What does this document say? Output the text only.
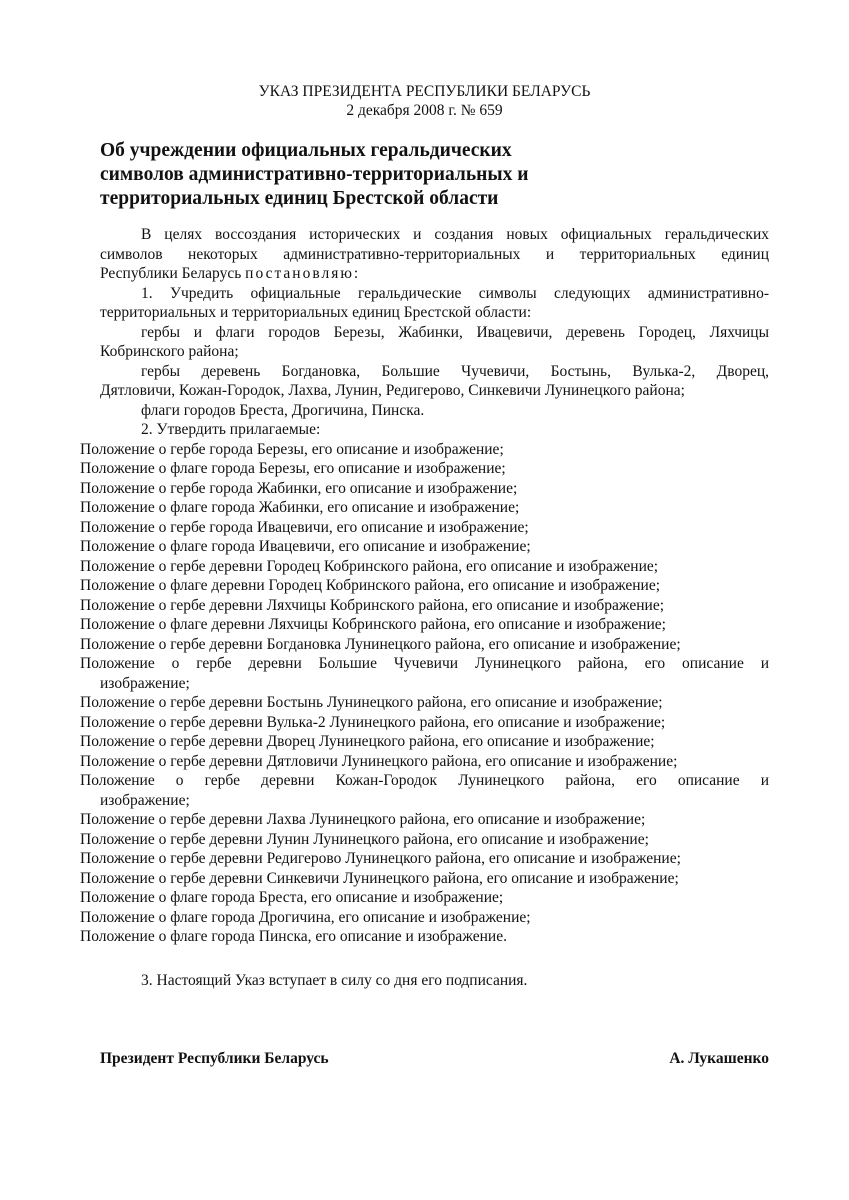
УКАЗ ПРЕЗИДЕНТА РЕСПУБЛИКИ БЕЛАРУСЬ
2 декабря 2008 г. № 659
Об учреждении официальных геральдических
символов административно-территориальных и
территориальных единиц Брестской области
В целях воссоздания исторических и создания новых официальных геральдических
символов некоторых административно-территориальных и территориальных единиц
Республики Беларусь постановляю:
1. Учредить официальные геральдические символы следующих административно-
территориальных и территориальных единиц Брестской области:
гербы и флаги городов Березы, Жабинки, Ивацевичи, деревень Городец, Ляхчицы
Кобринского района;
гербы деревень Богдановка, Большие Чучевичи, Бостынь, Вулька-2, Дворец,
Дятловичи, Кожан-Городок, Лахва, Лунин, Редигерово, Синкевичи Лунинецкого района;
флаги городов Бреста, Дрогичина, Пинска.
2. Утвердить прилагаемые:
Положение о гербе города Березы, его описание и изображение;
Положение о флаге города Березы, его описание и изображение;
Положение о гербе города Жабинки, его описание и изображение;
Положение о флаге города Жабинки, его описание и изображение;
Положение о гербе города Ивацевичи, его описание и изображение;
Положение о флаге города Ивацевичи, его описание и изображение;
Положение о гербе деревни Городец Кобринского района, его описание и изображение;
Положение о флаге деревни Городец Кобринского района, его описание и изображение;
Положение о гербе деревни Ляхчицы Кобринского района, его описание и изображение;
Положение о флаге деревни Ляхчицы Кобринского района, его описание и изображение;
Положение о гербе деревни Богдановка Лунинецкого района, его описание и изображение;
Положение о гербе деревни Большие Чучевичи Лунинецкого района, его описание и
изображение;
Положение о гербе деревни Бостынь Лунинецкого района, его описание и изображение;
Положение о гербе деревни Вулька-2 Лунинецкого района, его описание и изображение;
Положение о гербе деревни Дворец Лунинецкого района, его описание и изображение;
Положение о гербе деревни Дятловичи Лунинецкого района, его описание и изображение;
Положение о гербе деревни Кожан-Городок Лунинецкого района, его описание и
изображение;
Положение о гербе деревни Лахва Лунинецкого района, его описание и изображение;
Положение о гербе деревни Лунин Лунинецкого района, его описание и изображение;
Положение о гербе деревни Редигерово Лунинецкого района, его описание и изображение;
Положение о гербе деревни Синкевичи Лунинецкого района, его описание и изображение;
Положение о флаге города Бреста, его описание и изображение;
Положение о флаге города Дрогичина, его описание и изображение;
Положение о флаге города Пинска, его описание и изображение.
3. Настоящий Указ вступает в силу со дня его подписания.
Президент Республики Беларусь	А. Лукашенко
